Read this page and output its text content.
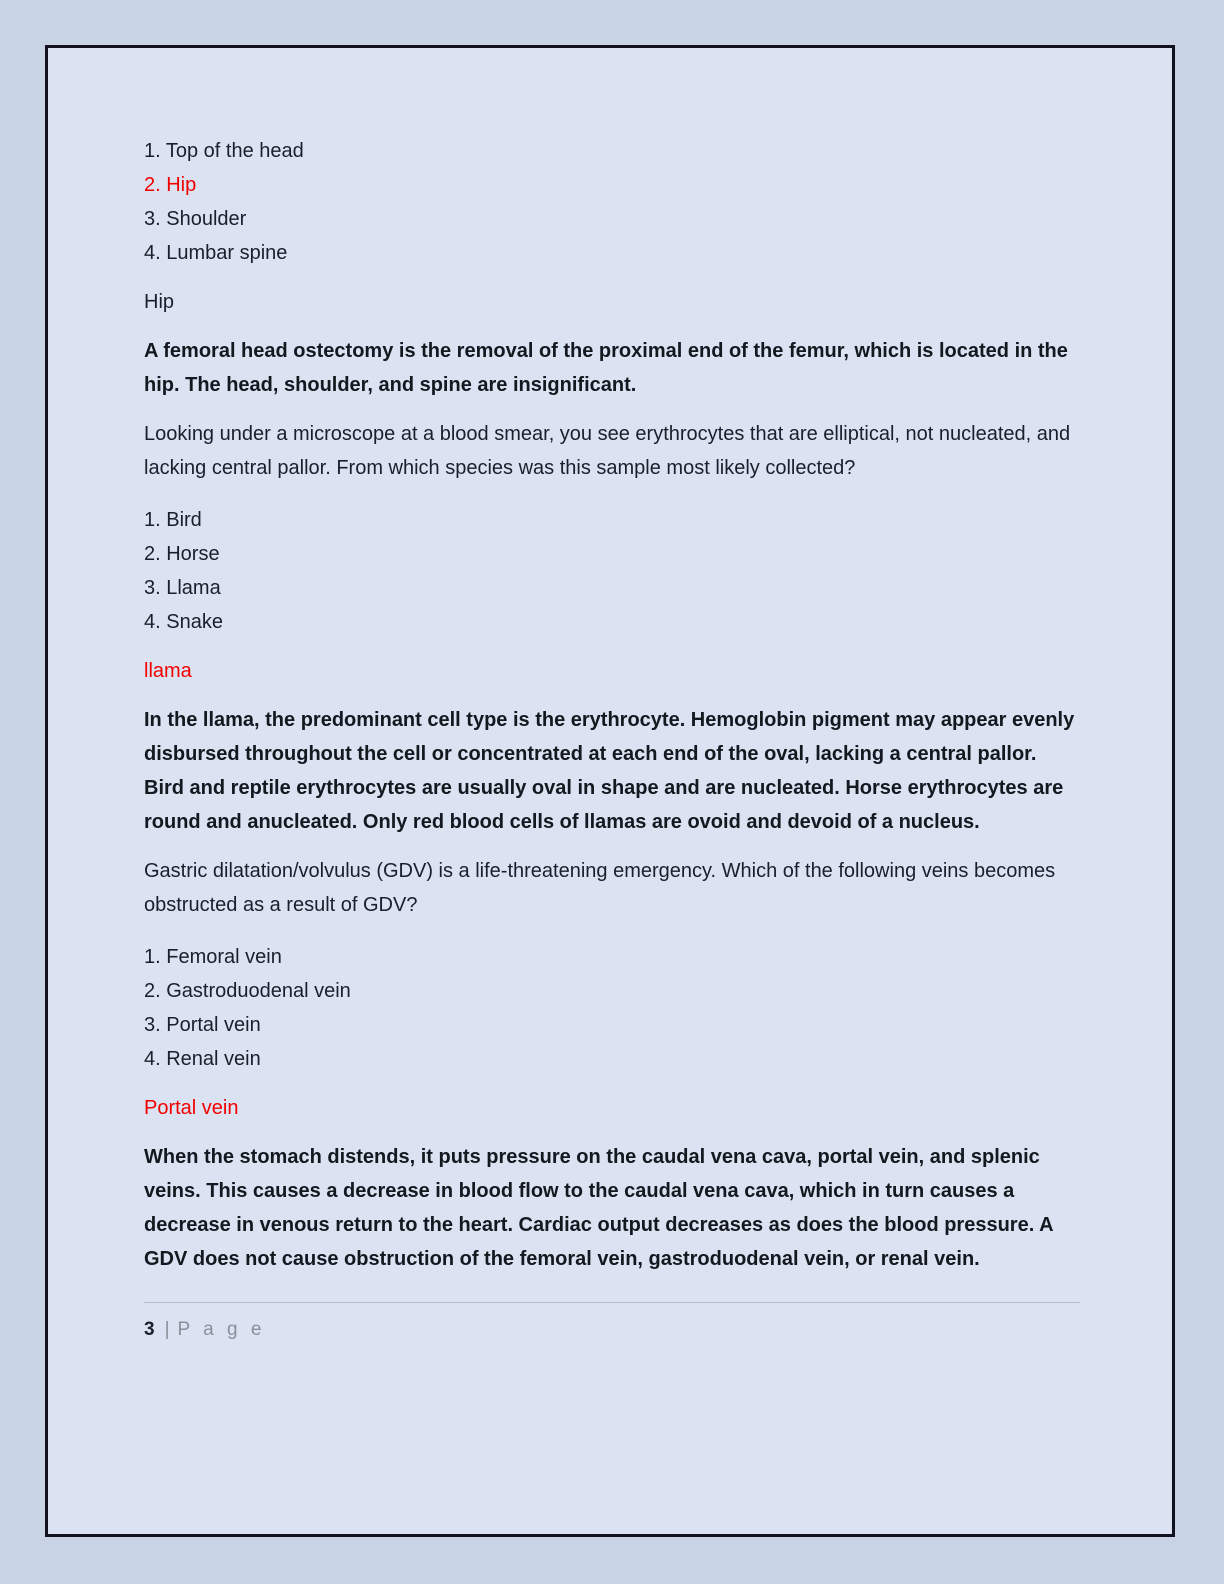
1. Top of the head
2. Hip
3. Shoulder
4. Lumbar spine

Hip

A femoral head ostectomy is the removal of the proximal end of the femur, which is located in the hip. The head, shoulder, and spine are insignificant.

Looking under a microscope at a blood smear, you see erythrocytes that are elliptical, not nucleated, and lacking central pallor. From which species was this sample most likely collected?

1. Bird
2. Horse
3. Llama
4. Snake

llama

In the llama, the predominant cell type is the erythrocyte. Hemoglobin pigment may appear evenly disbursed throughout the cell or concentrated at each end of the oval, lacking a central pallor. Bird and reptile erythrocytes are usually oval in shape and are nucleated. Horse erythrocytes are round and anucleated. Only red blood cells of llamas are ovoid and devoid of a nucleus.

Gastric dilatation/volvulus (GDV) is a life-threatening emergency. Which of the following veins becomes obstructed as a result of GDV?

1. Femoral vein
2. Gastroduodenal vein
3. Portal vein
4. Renal vein

Portal vein

When the stomach distends, it puts pressure on the caudal vena cava, portal vein, and splenic veins. This causes a decrease in blood flow to the caudal vena cava, which in turn causes a decrease in venous return to the heart. Cardiac output decreases as does the blood pressure. A GDV does not cause obstruction of the femoral vein, gastroduodenal vein, or renal vein.

3 | P a g e
